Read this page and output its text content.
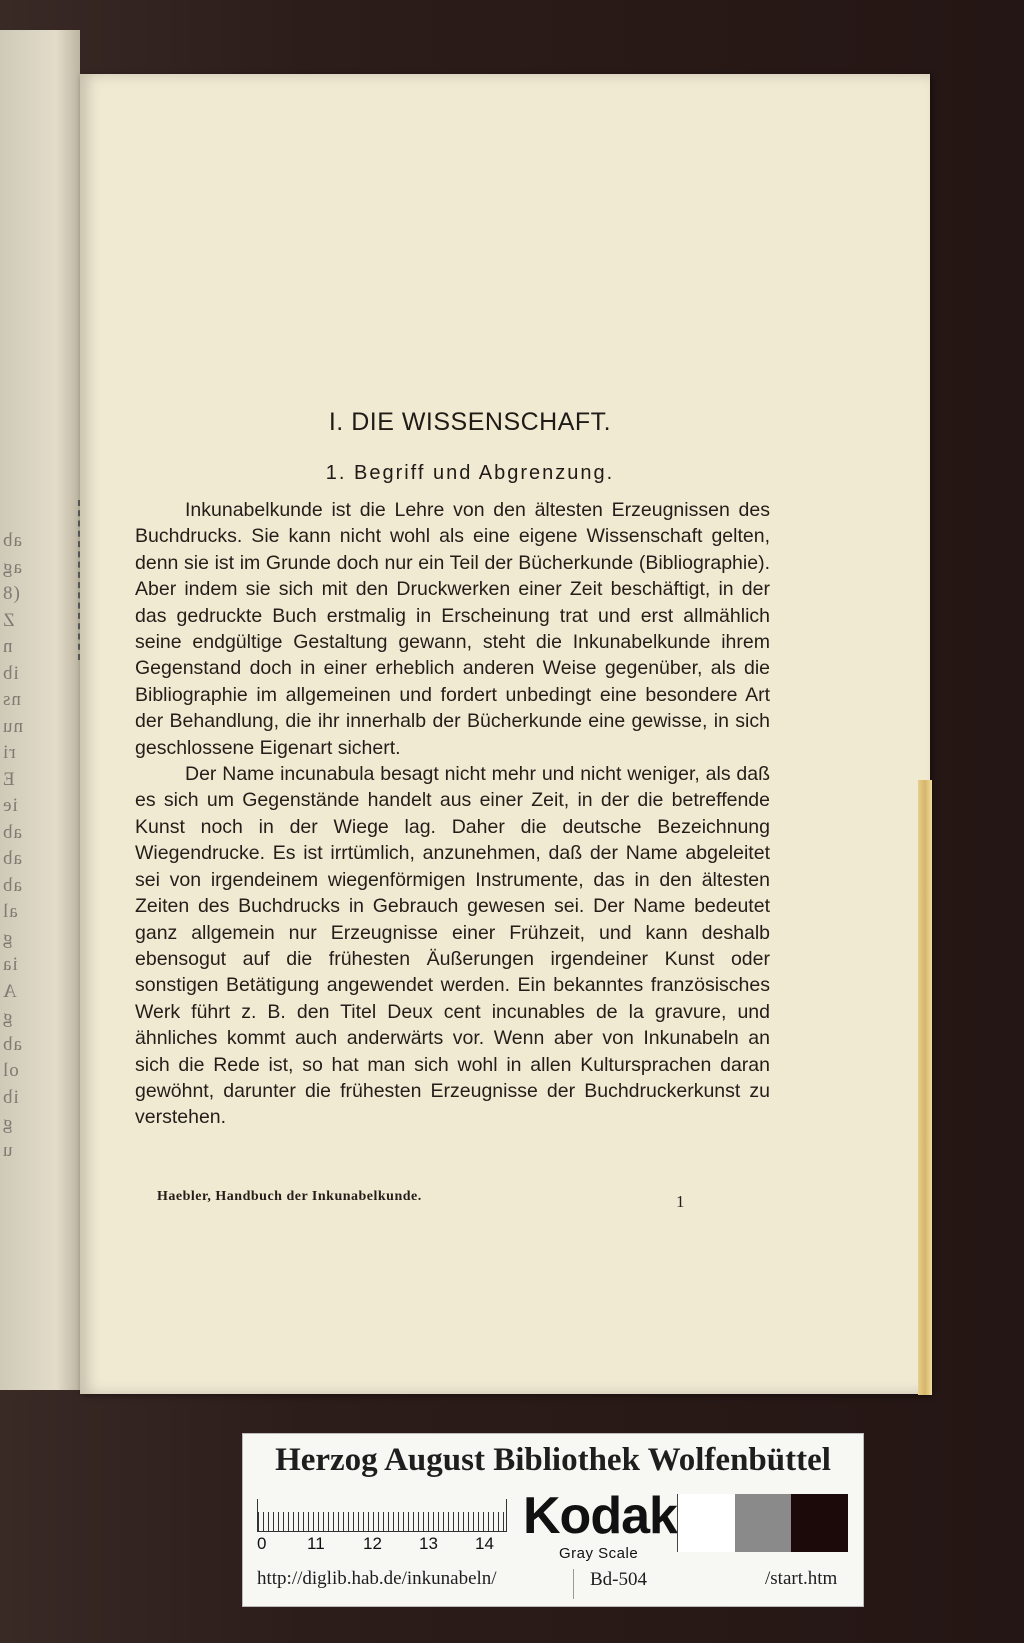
ab
ag
(8
Z
n
ib
ns
nu
ri
E
ie
ab
ab
ab
al
g
ia
A
g
ab
ol
ib
g
u
I. DIE WISSENSCHAFT.
1. Begriff und Abgrenzung.

Inkunabelkunde ist die Lehre von den ältesten Erzeugnissen des Buchdrucks. Sie kann nicht wohl als eine eigene Wissenschaft gelten, denn sie ist im Grunde doch nur ein Teil der Bücherkunde (Bibliographie). Aber indem sie sich mit den Druckwerken einer Zeit beschäftigt, in der das gedruckte Buch erstmalig in Erscheinung trat und erst allmählich seine endgültige Gestaltung gewann, steht die Inkunabelkunde ihrem Gegenstand doch in einer erheblich anderen Weise gegenüber, als die Bibliographie im allgemeinen und fordert unbedingt eine besondere Art der Behandlung, die ihr innerhalb der Bücherkunde eine gewisse, in sich geschlossene Eigenart sichert.

Der Name incunabula besagt nicht mehr und nicht weniger, als daß es sich um Gegenstände handelt aus einer Zeit, in der die betreffende Kunst noch in der Wiege lag. Daher die deutsche Bezeichnung Wiegendrucke. Es ist irrtümlich, anzunehmen, daß der Name abgeleitet sei von irgendeinem wiegenförmigen Instrumente, das in den ältesten Zeiten des Buchdrucks in Gebrauch gewesen sei. Der Name bedeutet ganz allgemein nur Erzeugnisse einer Frühzeit, und kann deshalb ebensogut auf die frühesten Äußerungen irgendeiner Kunst oder sonstigen Betätigung angewendet werden. Ein bekanntes französisches Werk führt z. B. den Titel Deux cent incunables de la gravure, und ähnliches kommt auch anderwärts vor. Wenn aber von Inkunabeln an sich die Rede ist, so hat man sich wohl in allen Kultursprachen daran gewöhnt, darunter die frühesten Erzeugnisse der Buchdruckerkunst zu verstehen.

Haebler, Handbuch der Inkunabelkunde.	1
Herzog August Bibliothek Wolfenbüttel
0 11 12 13 14 Kodak
Gray Scale
http://diglib.hab.de/inkunabeln/	Bd-504	/start.htm
